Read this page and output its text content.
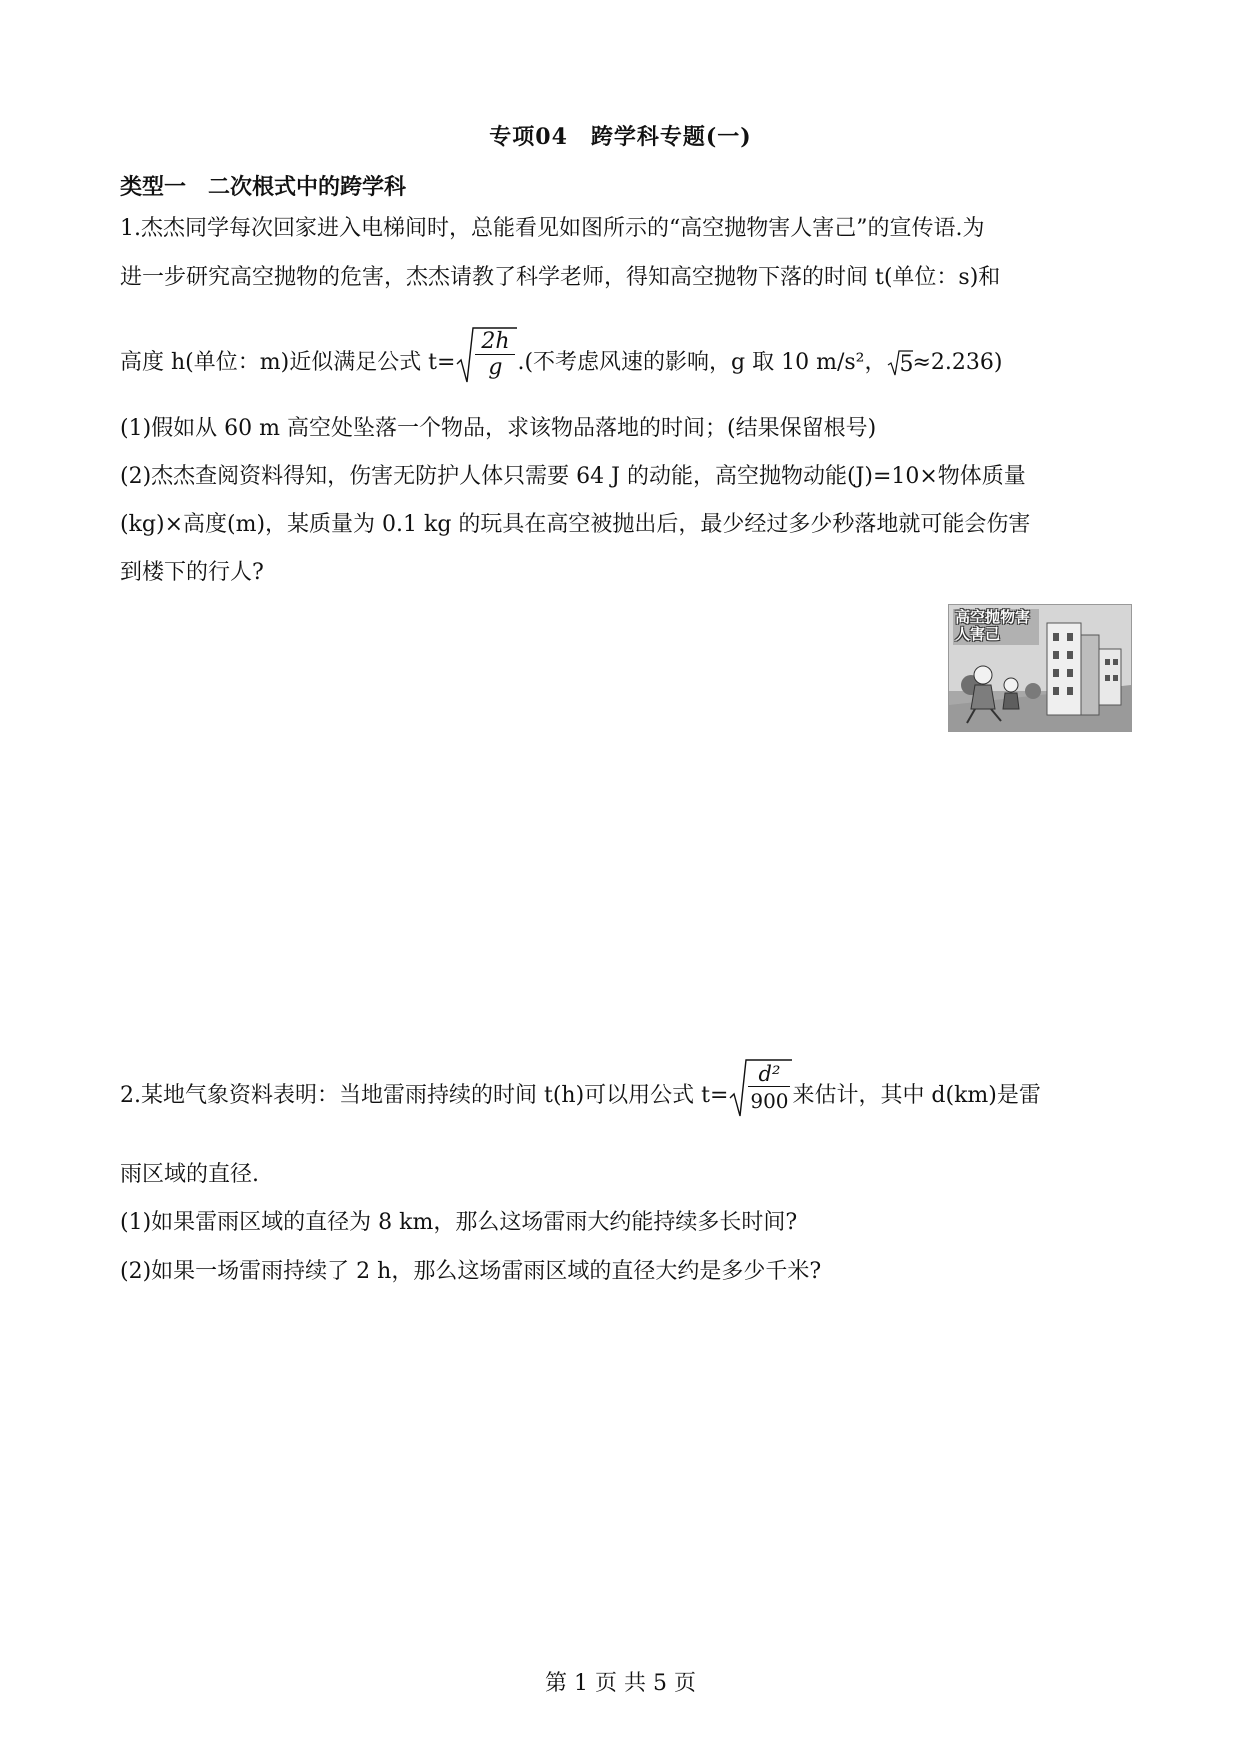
专项04　跨学科专题(一)
类型一　二次根式中的跨学科
1.杰杰同学每次回家进入电梯间时，总能看见如图所示的“高空抛物害人害己”的宣传语.为
进一步研究高空抛物的危害，杰杰请教了科学老师，得知高空抛物下落的时间 t(单位：s)和
高度 h(单位：m)近似满足公式 t=
2h
g .(不考虑风速的影响，g 取 10 m/s²， 5 ≈2.236)
(1)假如从 60 m 高空处坠落一个物品，求该物品落地的时间；(结果保留根号)
(2)杰杰查阅资料得知，伤害无防护人体只需要 64 J 的动能，高空抛物动能(J)=10×物体质量
(kg)×高度(m)，某质量为 0.1 kg 的玩具在高空被抛出后，最少经过多少秒落地就可能会伤害
到楼下的行人?
高空抛物害人害己
2.某地气象资料表明：当地雷雨持续的时间 t(h)可以用公式 t=
d²
900 来估计，其中 d(km)是雷
雨区域的直径.
(1)如果雷雨区域的直径为 8 km，那么这场雷雨大约能持续多长时间?
(2)如果一场雷雨持续了 2 h，那么这场雷雨区域的直径大约是多少千米?
第 1 页 共 5 页
